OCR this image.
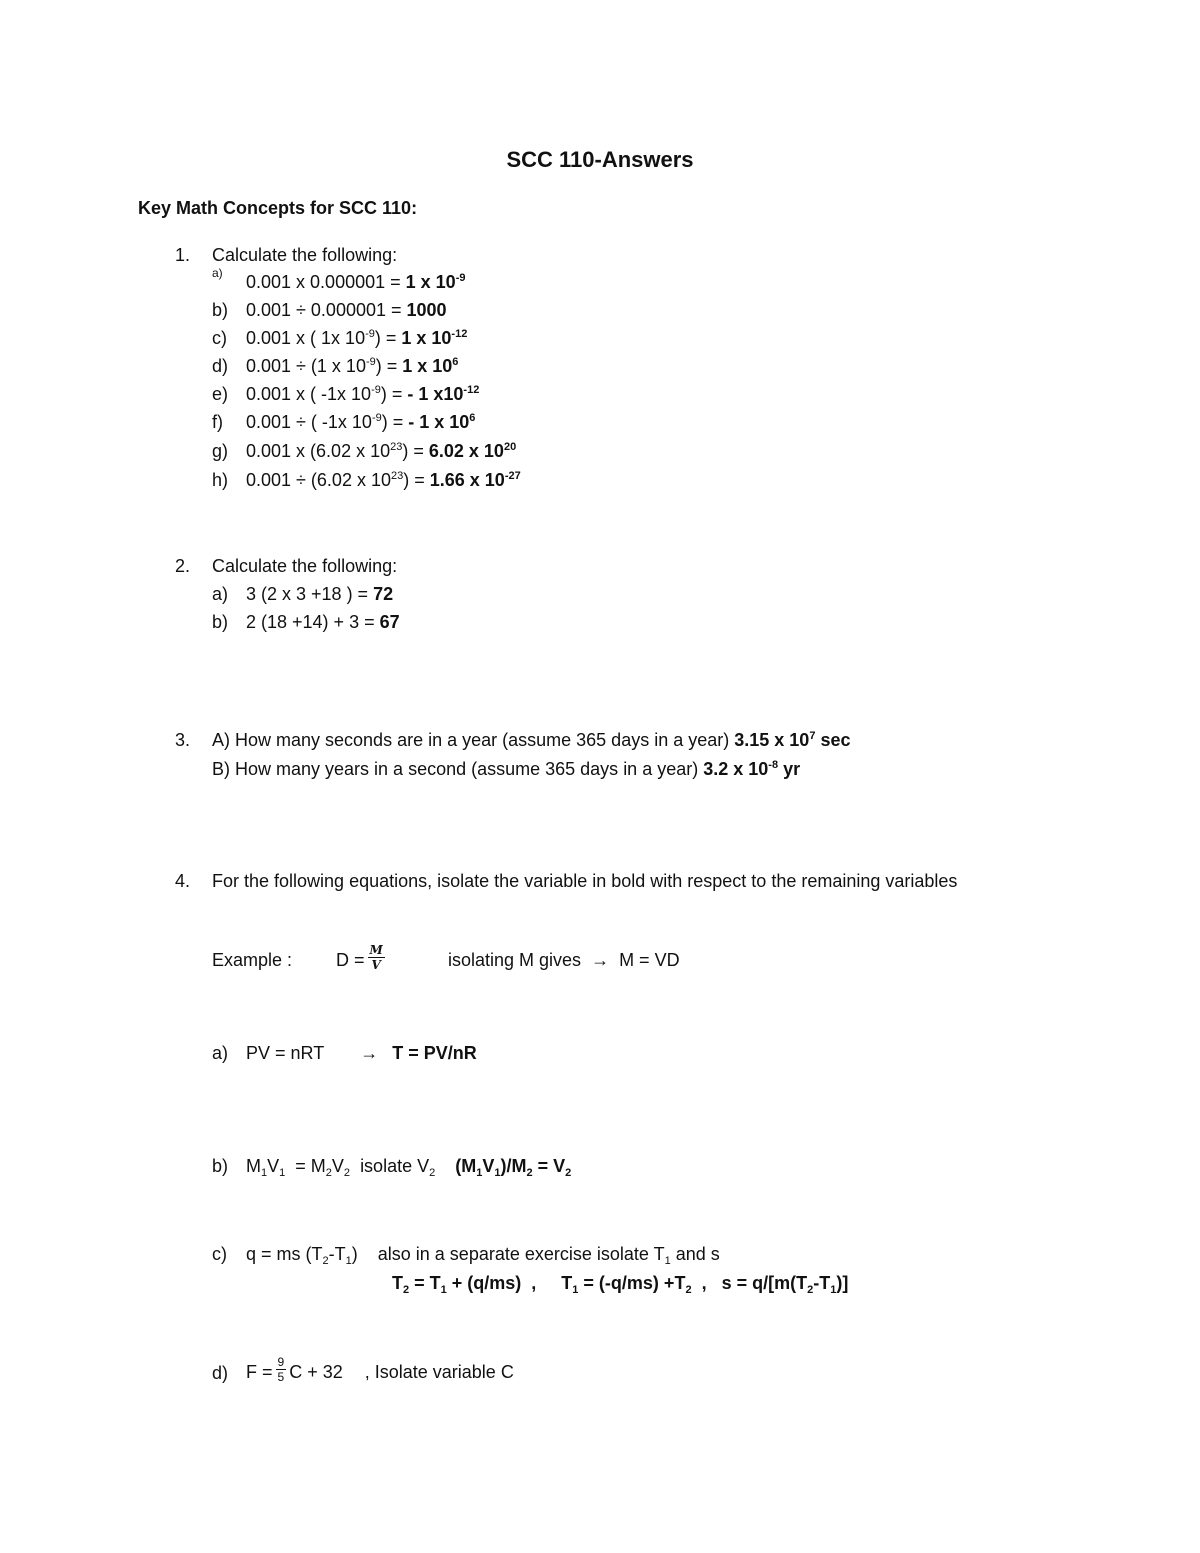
SCC 110-Answers
Key Math Concepts for SCC 110:
1. Calculate the following:
a) 0.001 x 0.000001 = 1 x $10^{-9}$
b) 0.001 ÷ 0.000001 = 1000
c) 0.001 x ( 1x $10^{-9}) = 1$ x $10^{-12}$
d) 0.001 ÷ (1 x $10^{-9}) = 1$ x $10^6$
e) 0.001 x ( -1x $10^{-9}$) = - 1 $x10^{-12}$
f) 0.001 ÷ ( -1x $10^{-9}$) = - 1 x $10^6$
g) 0.001 x (6.02 x $10^{23}) = 6.02$ x $10^{20}$
h) 0.001 ÷ (6.02 x $10^{23}) = 1.66$ x $10^{-27}$
2. Calculate the following:
a) 3 (2 x 3 +18 ) = 72
b) 2 (18 +14) + 3 = 67
3. A) How many seconds are in a year (assume 365 days in a year) 3.15 x $10^7$ sec
B) How many years in a second (assume 365 days in a year) 3.2 x $10^{-8}$ yr
4. For the following equations, isolate the variable in bold with respect to the remaining variables
Example : $D = \frac{M}{V}$	isolating M gives → M = VD
a) PV = nRT → T = PV/nR
b) $M_1V_1 = M_2V_2$ isolate $V_2$ $(M_1V_1)/M_2 = V_2$
c) q = ms $(T_2-T_1)$    also in a separate exercise isolate $T_1$ and s
$T_2 = T_1 + (q/ms)$  ,     $T_1 = (-q/ms) +T_2$  ,   $s = q/[m(T_2-T_1)]$
d) $F = \frac{9}{5}$ C + 32 , Isolate variable C
